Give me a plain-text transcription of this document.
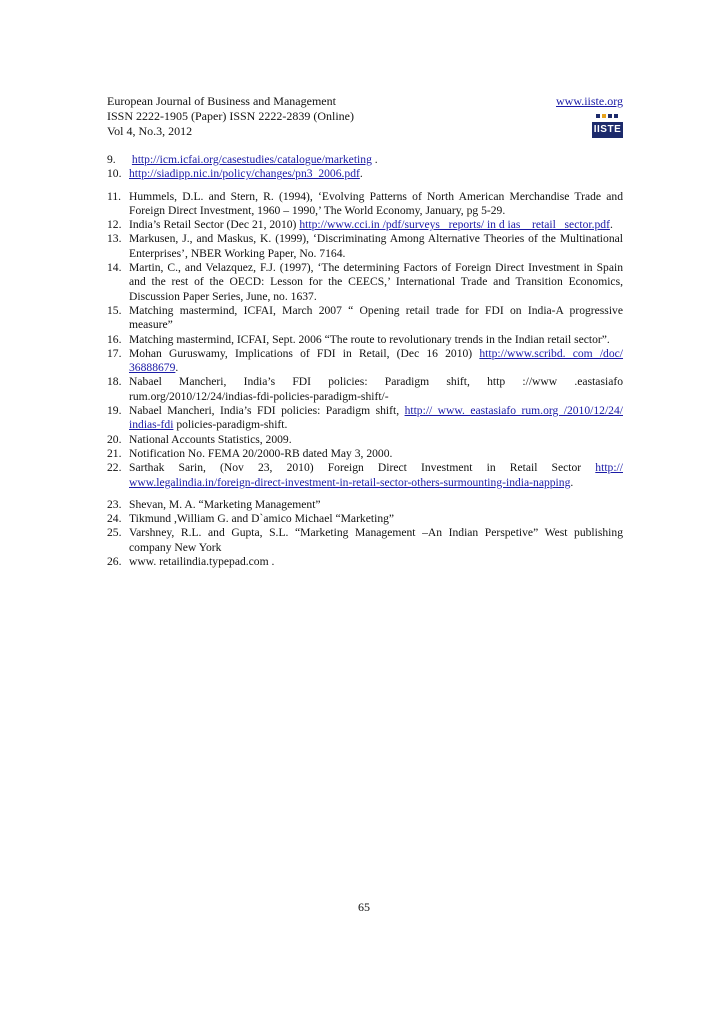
European Journal of Business and Management	www.iiste.org
ISSN 2222-1905 (Paper) ISSN 2222-2839 (Online)
Vol 4, No.3, 2012	IISTE
9.	http://icm.icfai.org/casestudies/catalogue/marketing .
10. http://siadipp.nic.in/policy/changes/pn3_2006.pdf.
11. Hummels, D.L. and Stern, R. (1994), ‘Evolving Patterns of North American Merchandise Trade and Foreign Direct Investment, 1960 – 1990,’ The World Economy, January, pg 5-29.
12. India’s Retail Sector (Dec 21, 2010) http://www.cci.in /pdf/surveys _reports/ in d ias _ retail _sector.pdf.
13. Markusen, J., and Maskus, K. (1999), ‘Discriminating Among Alternative Theories of the Multinational Enterprises’, NBER Working Paper, No. 7164.
14. Martin, C., and Velazquez, F.J. (1997), ‘The determining Factors of Foreign Direct Investment in Spain and the rest of the OECD: Lesson for the CEECS,’ International Trade and Transition Economics, Discussion Paper Series, June, no. 1637.
15. Matching mastermind, ICFAI, March 2007 “ Opening retail trade for FDI on India-A progressive measure”
16. Matching mastermind, ICFAI, Sept. 2006 “The route to revolutionary trends in the Indian retail sector”.
17. Mohan Guruswamy, Implications of FDI in Retail, (Dec 16 2010) http://www.scribd. com /doc/ 36888679.
18. Nabael Mancheri, India’s FDI policies: Paradigm shift, http ://www .eastasiafo rum.org/2010/12/24/indias-fdi-policies-paradigm-shift/-
19. Nabael Mancheri, India’s FDI policies: Paradigm shift, http:// www. eastasiafo rum.org /2010/12/24/ indias-fdi policies-paradigm-shift.
20. National Accounts Statistics, 2009.
21. Notification No. FEMA 20/2000-RB dated May 3, 2000.
22. Sarthak Sarin, (Nov 23, 2010) Foreign Direct Investment in Retail Sector http:// www.legalindia.in/foreign-direct-investment-in-retail-sector-others-surmounting-india-napping.
23. Shevan, M. A. “Marketing Management”
24. Tikmund ,William G. and D`amico Michael “Marketing”
25. Varshney, R.L. and Gupta, S.L. “Marketing Management –An Indian Perspetive” West publishing company New York
26. www. retailindia.typepad.com .
65
